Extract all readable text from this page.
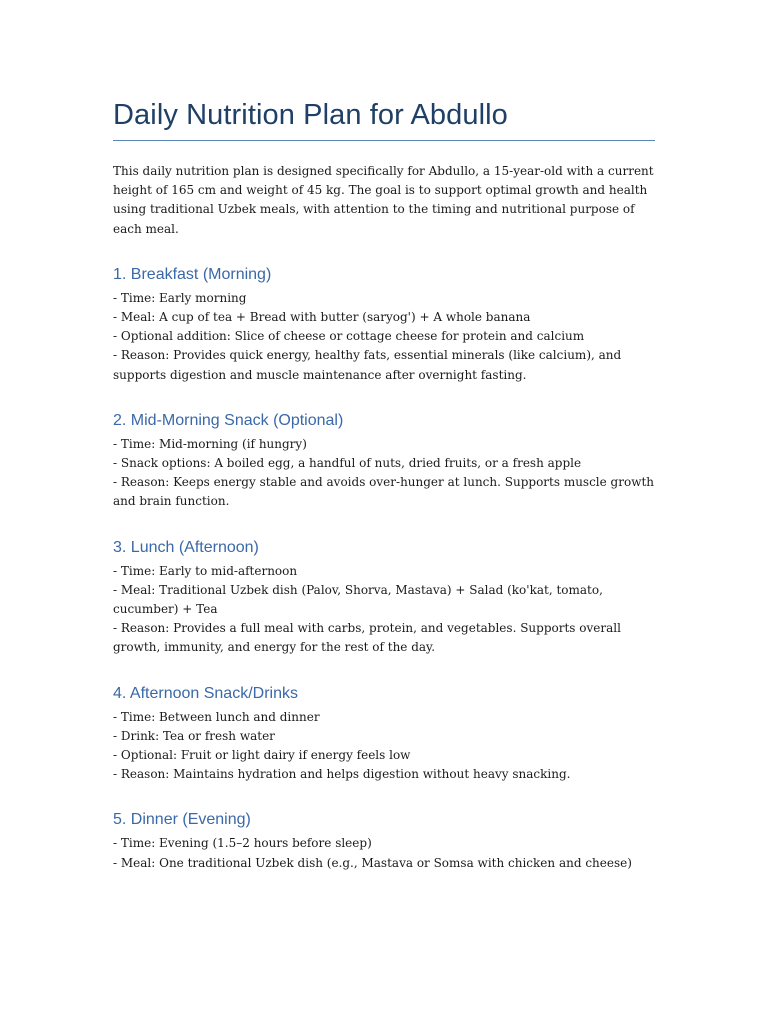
Daily Nutrition Plan for Abdullo

This daily nutrition plan is designed specifically for Abdullo, a 15-year-old with a current height of 165 cm and weight of 45 kg. The goal is to support optimal growth and health using traditional Uzbek meals, with attention to the timing and nutritional purpose of each meal.

1. Breakfast (Morning)

- Time: Early morning

- Meal: A cup of tea + Bread with butter (saryog') + A whole banana

- Optional addition: Slice of cheese or cottage cheese for protein and calcium

- Reason: Provides quick energy, healthy fats, essential minerals (like calcium), and supports digestion and muscle maintenance after overnight fasting.

2. Mid-Morning Snack (Optional)

- Time: Mid-morning (if hungry)

- Snack options: A boiled egg, a handful of nuts, dried fruits, or a fresh apple

- Reason: Keeps energy stable and avoids over-hunger at lunch. Supports muscle growth and brain function.

3. Lunch (Afternoon)

- Time: Early to mid-afternoon

- Meal: Traditional Uzbek dish (Palov, Shorva, Mastava) + Salad (ko'kat, tomato, cucumber) + Tea

- Reason: Provides a full meal with carbs, protein, and vegetables. Supports overall growth, immunity, and energy for the rest of the day.

4. Afternoon Snack/Drinks

- Time: Between lunch and dinner

- Drink: Tea or fresh water

- Optional: Fruit or light dairy if energy feels low

- Reason: Maintains hydration and helps digestion without heavy snacking.

5. Dinner (Evening)

- Time: Evening (1.5–2 hours before sleep)

- Meal: One traditional Uzbek dish (e.g., Mastava or Somsa with chicken and cheese)
